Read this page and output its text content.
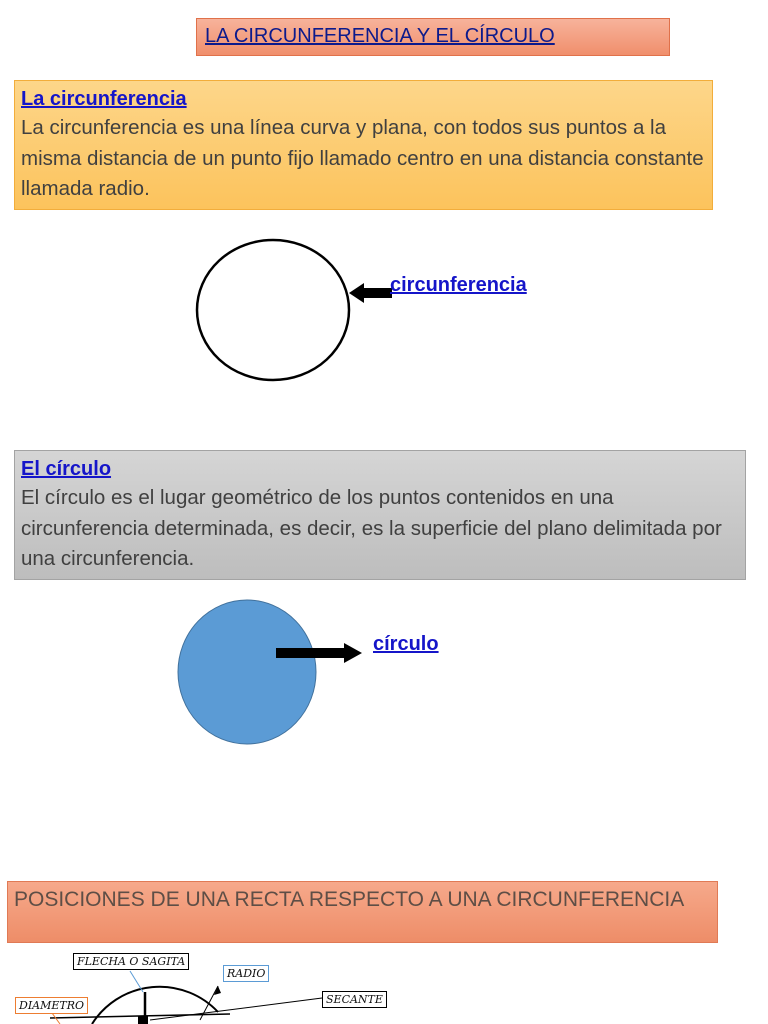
LA CIRCUNFERENCIA Y EL CÍRCULO
La circunferencia
La circunferencia es una línea curva y plana, con todos sus puntos a la misma distancia de un punto fijo llamado centro en una distancia constante llamada radio.
circunferencia
El círculo
El círculo es el lugar geométrico de los puntos contenidos en una circunferencia determinada, es decir, es la superficie del plano delimitada por una circunferencia.
círculo
POSICIONES DE UNA RECTA RESPECTO A UNA CIRCUNFERENCIA
FLECHA O SAGITA
RADIO
SECANTE
DIAMETRO
